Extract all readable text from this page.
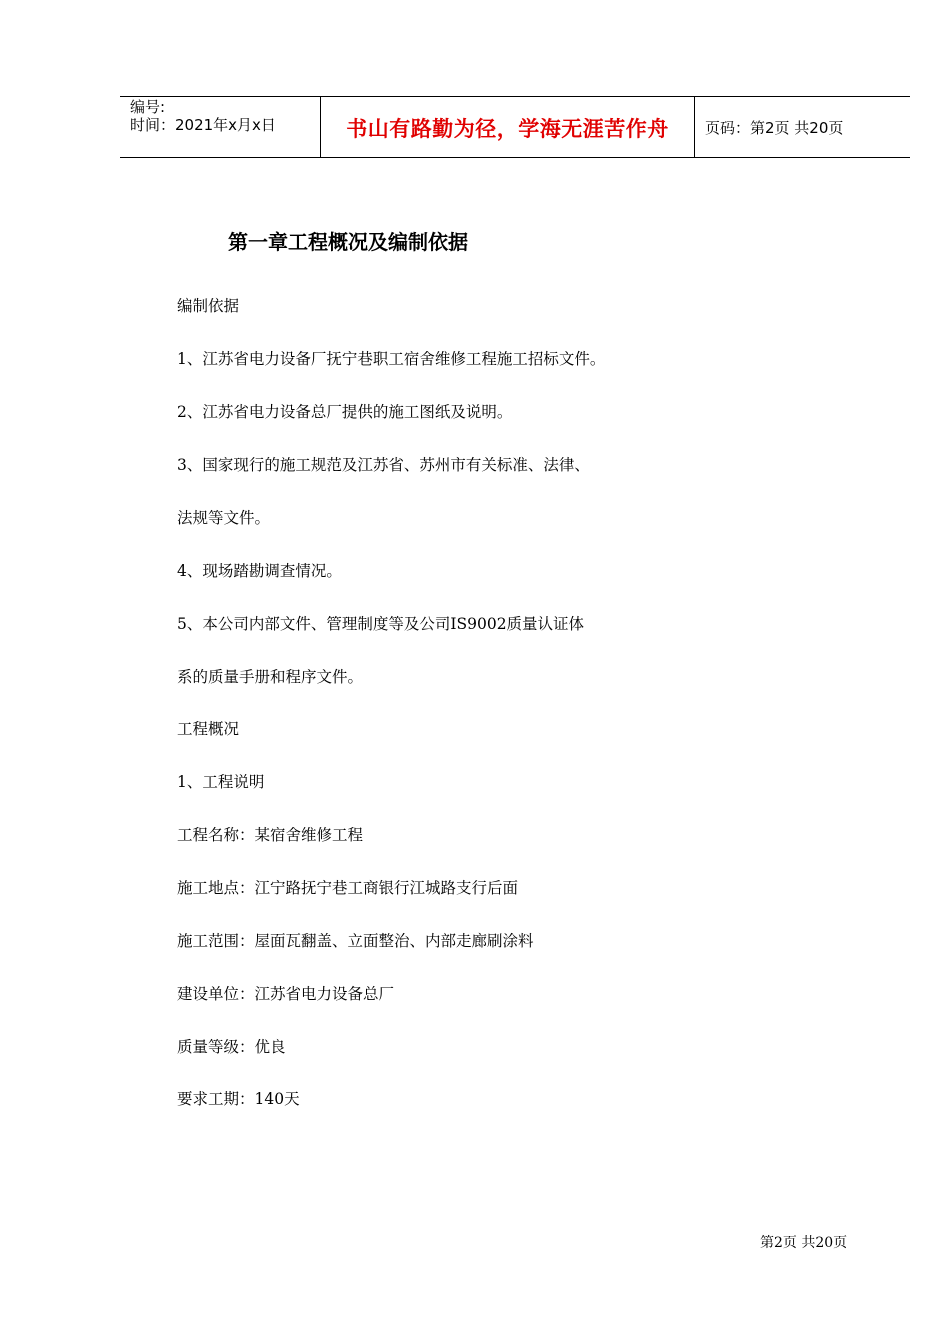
编号:
时间：2021年x月x日	书山有路勤为径，学海无涯苦作舟	页码：第2页 共20页
第一章工程概况及编制依据
编制依据
1、江苏省电力设备厂抚宁巷职工宿舍维修工程施工招标文件。
2、江苏省电力设备总厂提供的施工图纸及说明。
3、国家现行的施工规范及江苏省、苏州市有关标准、法律、
法规等文件。
4、现场踏勘调查情况。
5、本公司内部文件、管理制度等及公司IS9002质量认证体
系的质量手册和程序文件。
工程概况
1、工程说明
工程名称：某宿舍维修工程
施工地点：江宁路抚宁巷工商银行江城路支行后面
施工范围：屋面瓦翻盖、立面整治、内部走廊刷涂料
建设单位：江苏省电力设备总厂
质量等级：优良
要求工期：140天
第2页 共20页
